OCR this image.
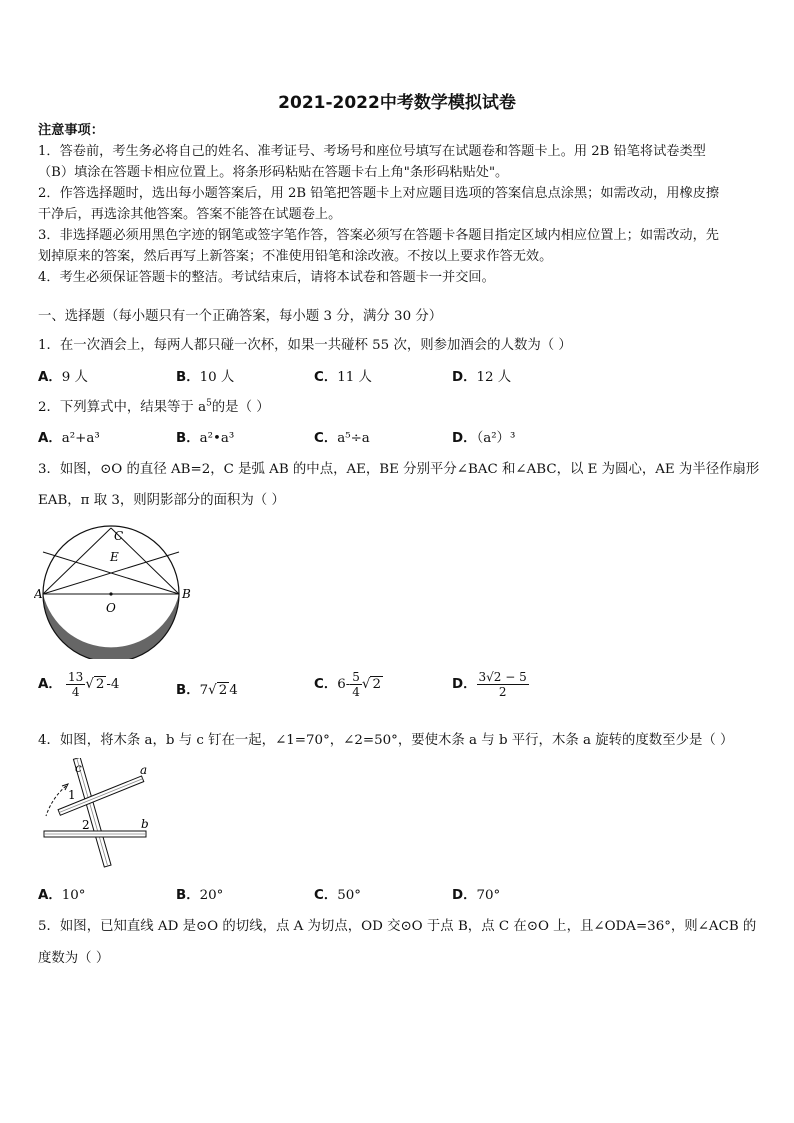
2021-2022中考数学模拟试卷
注意事项：
1．答卷前，考生务必将自己的姓名、准考证号、考场号和座位号填写在试题卷和答题卡上。用 2B 铅笔将试卷类型
（B）填涂在答题卡相应位置上。将条形码粘贴在答题卡右上角"条形码粘贴处"。
2．作答选择题时，选出每小题答案后，用 2B 铅笔把答题卡上对应题目选项的答案信息点涂黑；如需改动，用橡皮擦
干净后，再选涂其他答案。答案不能答在试题卷上。
3．非选择题必须用黑色字迹的钢笔或签字笔作答，答案必须写在答题卡各题目指定区域内相应位置上；如需改动，先
划掉原来的答案，然后再写上新答案；不准使用铅笔和涂改液。不按以上要求作答无效。
4．考生必须保证答题卡的整洁。考试结束后，请将本试卷和答题卡一并交回。
一、选择题（每小题只有一个正确答案，每小题 3 分，满分 30 分）
1．在一次酒会上，每两人都只碰一次杯，如果一共碰杯 55 次，则参加酒会的人数为（ ）
A．9 人	B．10 人	C．11 人	D．12 人
2．下列算式中，结果等于 $a^5$的是（ ）
A．a²+a³	B．a²•a³	C．a⁵÷a	D．（a²）³
3．如图，⊙O 的直径 AB=2，C 是弧 AB 的中点，AE，BE 分别平分∠BAC 和∠ABC，以 E 为圆心，AE 为半径作扇形
EAB，π 取 3，则阴影部分的面积为（ ）
C
E
A
O
B
A． $\frac{13}{4}$ √ 2 -4	B．7√ 2 4	C．$6- \frac{5}{4}$ √ 2	D． $\frac{3√2 - 5}{2}$
4．如图，将木条 a，b 与 c 钉在一起，∠1=70°，∠2=50°，要使木条 a 与 b 平行，木条 a 旋转的度数至少是（ ）
c	a
1
2	b
A．10°	B．20°	C．50°	D．70°
5．如图，已知直线 AD 是⊙O 的切线，点 A 为切点，OD 交⊙O 于点 B，点 C 在⊙O 上，且∠ODA=36°，则∠ACB 的
度数为（ ）
